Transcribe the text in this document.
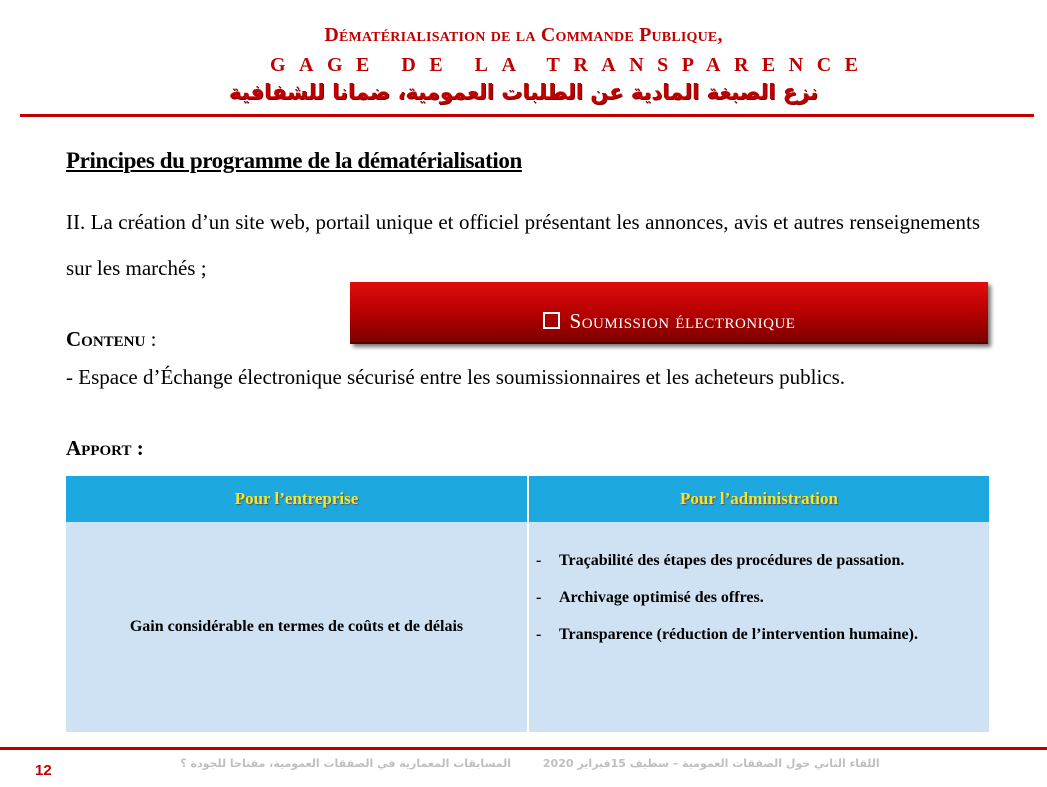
Dématérialisation de la Commande Publique,
GAGE DE LA TRANSPARENCE
نزع الصبغة المادية عن الطلبات العمومية، ضمانا للشفافية
Principes du programme de la dématérialisation
II. La création d’un site web, portail unique et officiel présentant les annonces, avis et autres renseignements sur les marchés ;
Soumission électronique
Contenu :
- Espace d’Échange électronique sécurisé entre les soumissionnaires et les acheteurs publics.
Apport :
Pour l’entreprise	Pour l’administration
Gain considérable en termes de coûts et de délais
- Traçabilité des étapes des procédures de passation.
- Archivage optimisé des offres.
- Transparence (réduction de l’intervention humaine).
12	اللقاء الثاني حول الصفقات العمومية – سطيف 15فبراير 2020 المسابقات المعمارية في الصفقات العمومية، مفتاحا للجودة ؟
